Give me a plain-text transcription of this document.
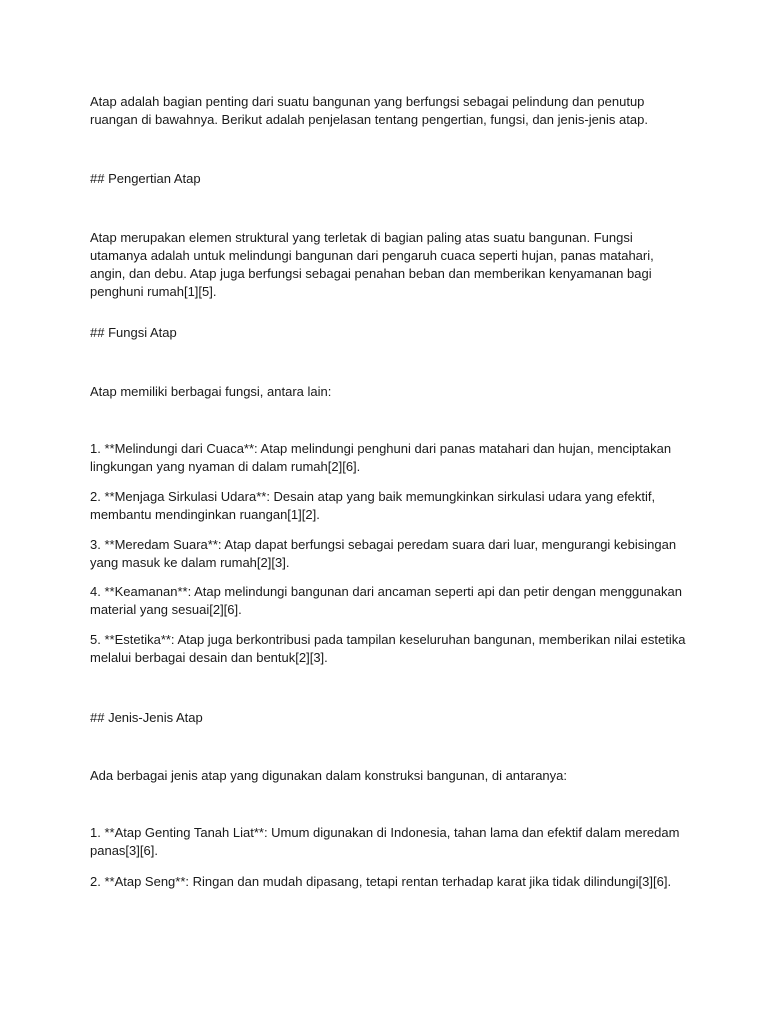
Atap adalah bagian penting dari suatu bangunan yang berfungsi sebagai pelindung dan penutup ruangan di bawahnya. Berikut adalah penjelasan tentang pengertian, fungsi, dan jenis-jenis atap.

## Pengertian Atap

Atap merupakan elemen struktural yang terletak di bagian paling atas suatu bangunan. Fungsi utamanya adalah untuk melindungi bangunan dari pengaruh cuaca seperti hujan, panas matahari, angin, dan debu. Atap juga berfungsi sebagai penahan beban dan memberikan kenyamanan bagi penghuni rumah[1][5].

## Fungsi Atap

Atap memiliki berbagai fungsi, antara lain:

1. **Melindungi dari Cuaca**: Atap melindungi penghuni dari panas matahari dan hujan, menciptakan lingkungan yang nyaman di dalam rumah[2][6].

2. **Menjaga Sirkulasi Udara**: Desain atap yang baik memungkinkan sirkulasi udara yang efektif, membantu mendinginkan ruangan[1][2].

3. **Meredam Suara**: Atap dapat berfungsi sebagai peredam suara dari luar, mengurangi kebisingan yang masuk ke dalam rumah[2][3].

4. **Keamanan**: Atap melindungi bangunan dari ancaman seperti api dan petir dengan menggunakan material yang sesuai[2][6].

5. **Estetika**: Atap juga berkontribusi pada tampilan keseluruhan bangunan, memberikan nilai estetika melalui berbagai desain dan bentuk[2][3].

## Jenis-Jenis Atap

Ada berbagai jenis atap yang digunakan dalam konstruksi bangunan, di antaranya:

1. **Atap Genting Tanah Liat**: Umum digunakan di Indonesia, tahan lama dan efektif dalam meredam panas[3][6].

2. **Atap Seng**: Ringan dan mudah dipasang, tetapi rentan terhadap karat jika tidak dilindungi[3][6].
